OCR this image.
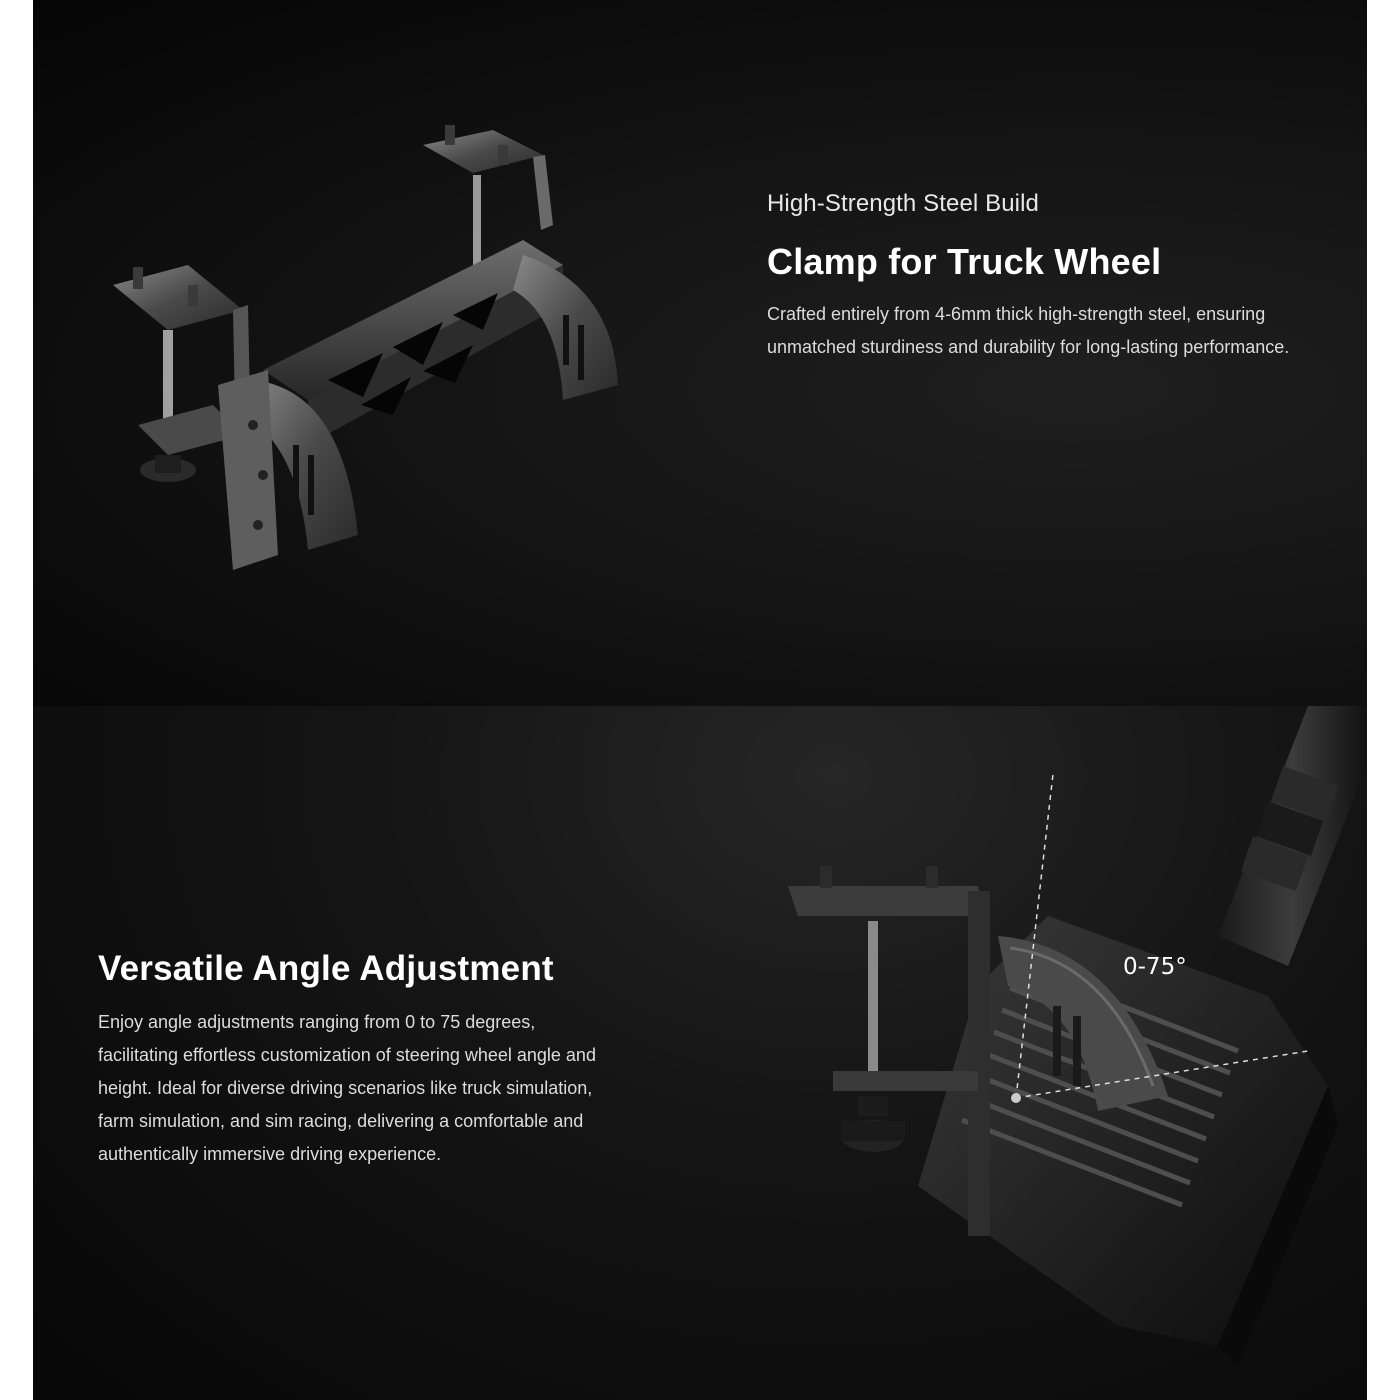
High-Strength Steel Build
Clamp for Truck Wheel

Crafted entirely from 4-6mm thick high-strength steel, ensuring unmatched sturdiness and durability for long-lasting performance.

Versatile Angle Adjustment

Enjoy angle adjustments ranging from 0 to 75 degrees, facilitating effortless customization of steering wheel angle and height. Ideal for diverse driving scenarios like truck simulation, farm simulation, and sim racing, delivering a comfortable and authentically immersive driving experience.

0-75°
